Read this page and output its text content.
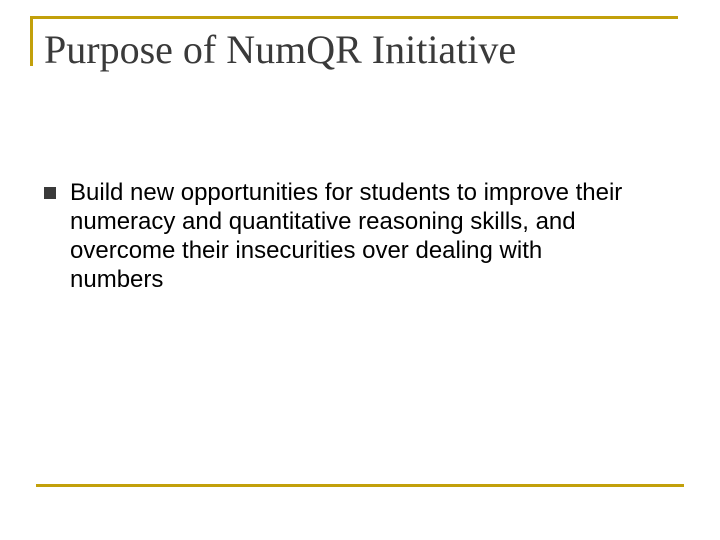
Purpose of NumQR Initiative
Build new opportunities for students to improve their numeracy and quantitative reasoning skills, and overcome their insecurities over dealing with numbers
